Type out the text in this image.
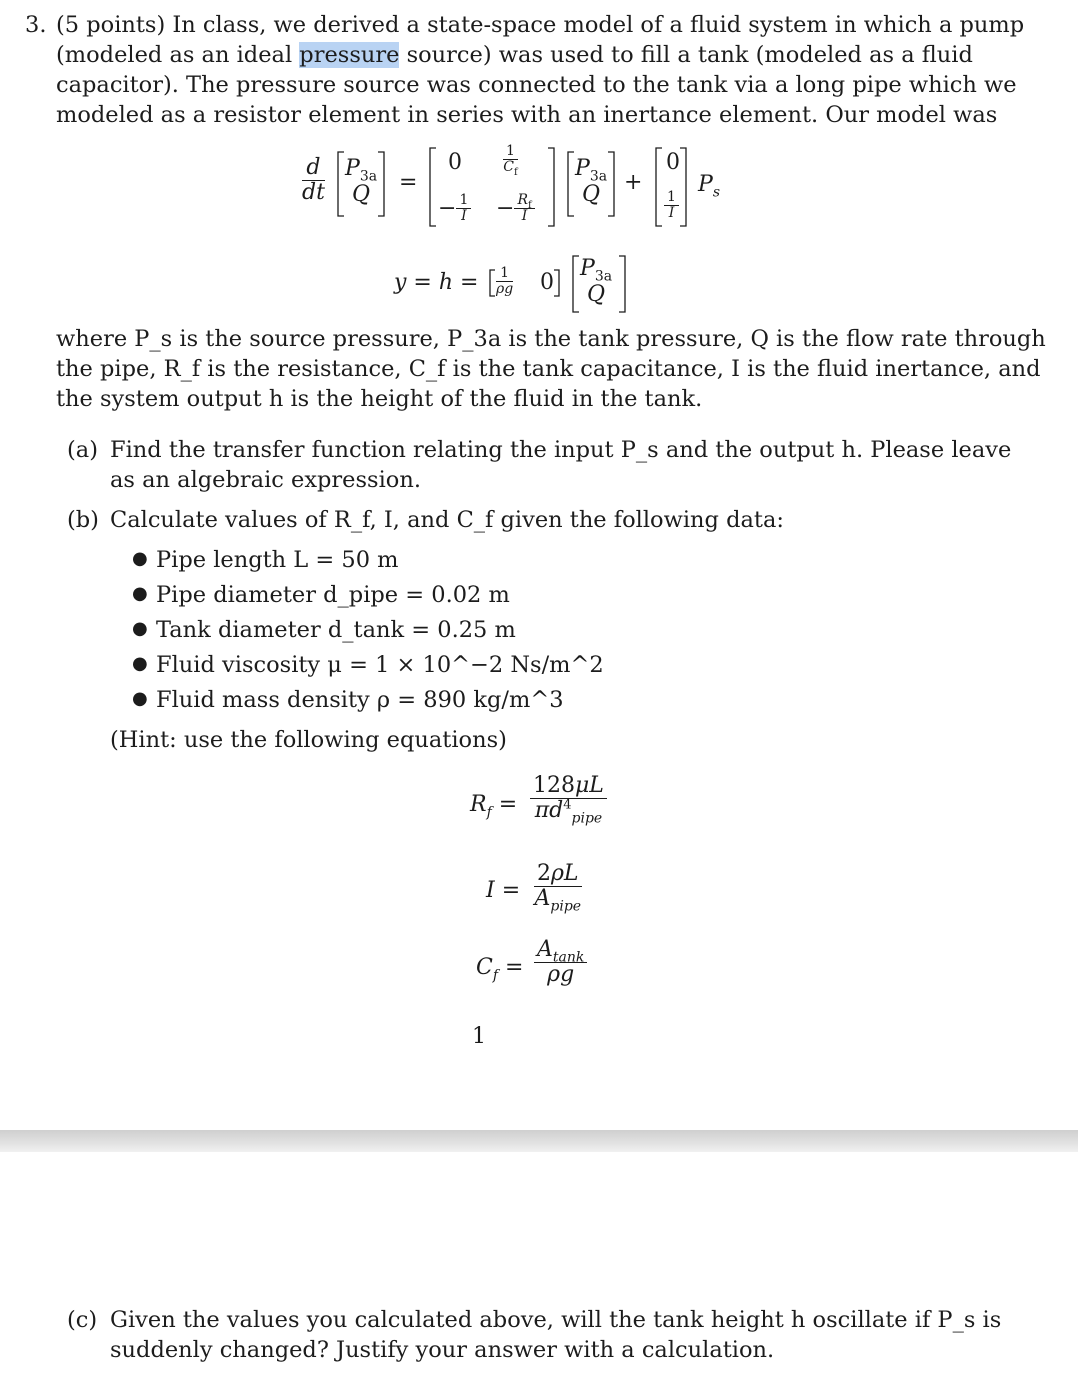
3. (5 points) In class, we derived a state-space model of a fluid system in which a pump
(modeled as an ideal pressure source) was used to fill a tank (modeled as a fluid
capacitor). The pressure source was connected to the tank via a long pipe which we
modeled as a resistor element in series with an inertance element. Our model was
$\frac{d}{dt} P_{3a}$
Q	=
0	$\frac{1}{C_f}$
− $\frac{1}{I} - \frac{R_f}{I}$
$P_{3a}$
Q	+
0
$\frac{1}{I}$
$P_s$
$y = h = \frac{1}{\rho g} 0$
$P_{3a}$
Q
where P_s is the source pressure, P_3a is the tank pressure, Q is the flow rate through
the pipe, R_f is the resistance, C_f is the tank capacitance, I is the fluid inertance, and
the system output h is the height of the fluid in the tank.
(a) Find the transfer function relating the input P_s and the output h. Please leave
as an algebraic expression.
(b) Calculate values of R_f, I, and C_f given the following data:
● Pipe length L = 50 m
● Pipe diameter d_pipe = 0.02 m
● Tank diameter d_tank = 0.25 m
● Fluid viscosity μ = 1 × 10^−2 Ns/m^2
● Fluid mass density ρ = 890 kg/m^3
(Hint: use the following equations)
$R_f = \frac{128\mu L}{\pi d^4_{pipe}}$
$I = \frac{2\rho L}{A_{pipe}}$
$C_f = \frac{A_{tank}}{\rho g}$
1
(c) Given the values you calculated above, will the tank height h oscillate if P_s is
suddenly changed? Justify your answer with a calculation.
